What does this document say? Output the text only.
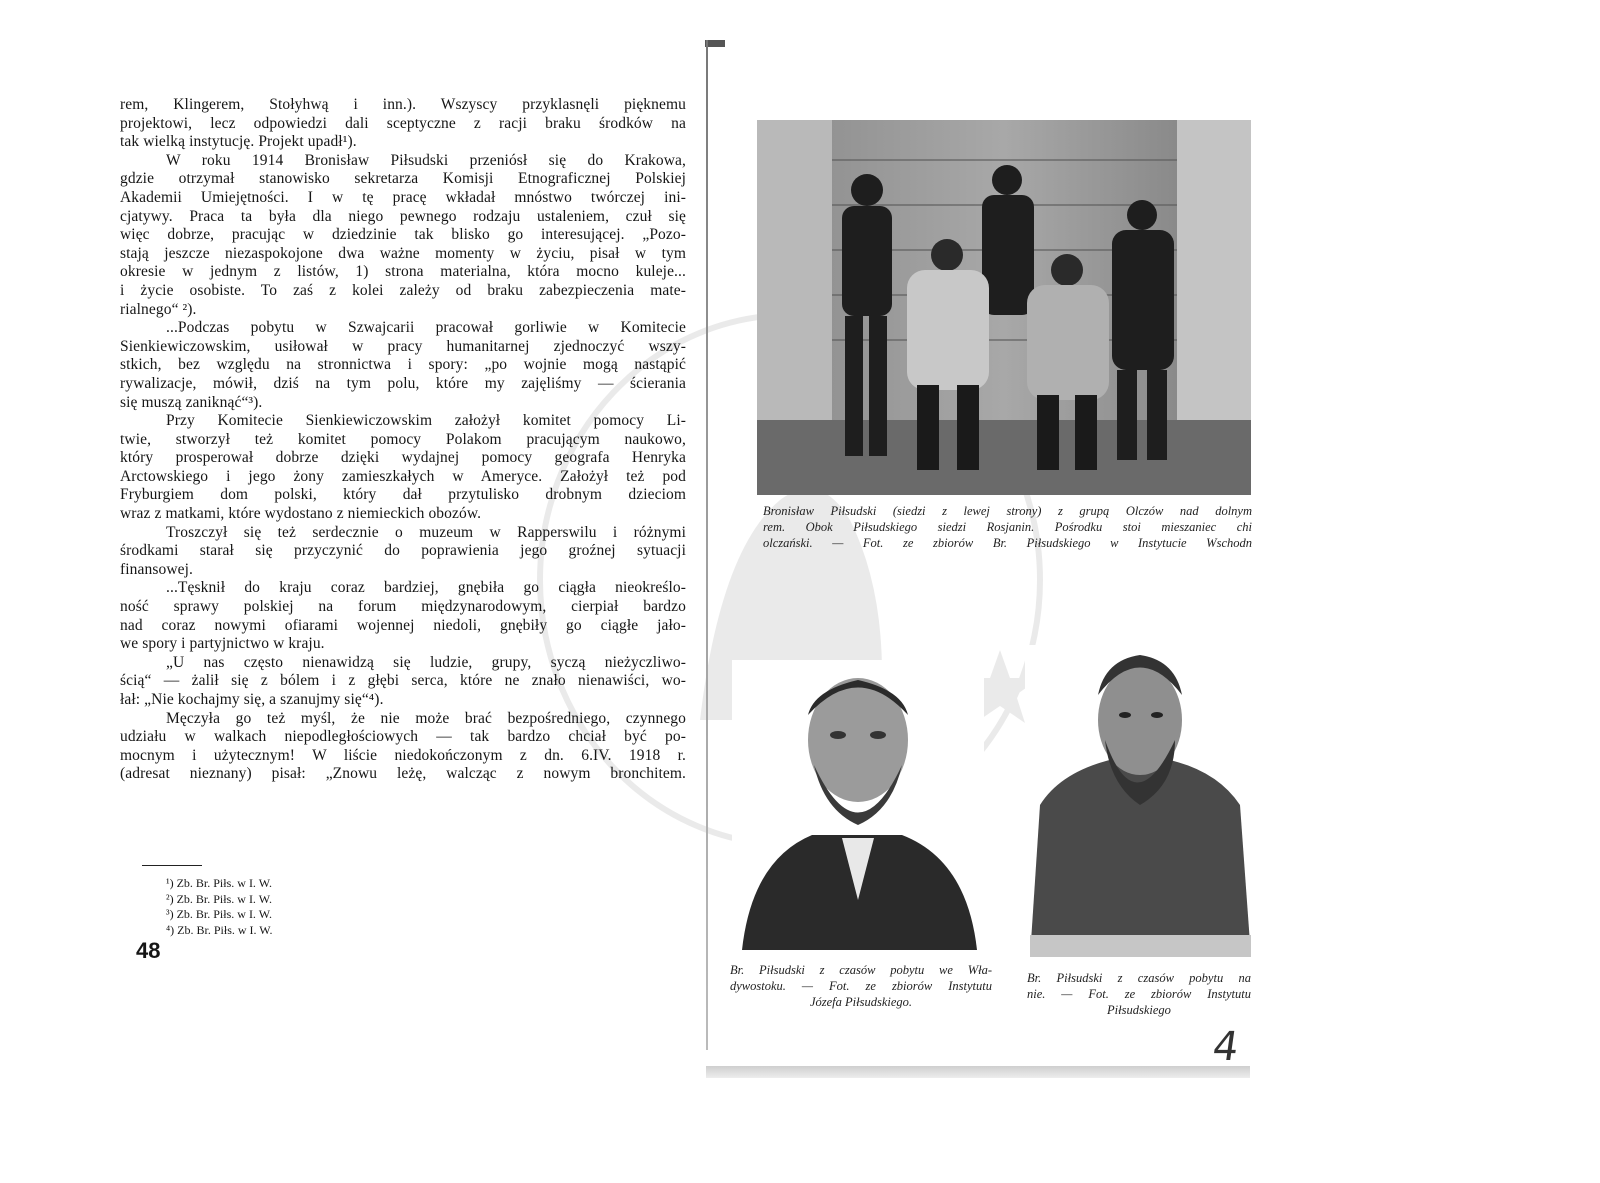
rem, Klingerem, Stołyhwą i inn.). Wszyscy przyklasnęli pięknemu
projektowi, lecz odpowiedzi dali sceptyczne z racji braku środków na
tak wielką instytucję. Projekt upadł¹).
W roku 1914 Bronisław Piłsudski przeniósł się do Krakowa,
gdzie otrzymał stanowisko sekretarza Komisji Etnograficznej Polskiej
Akademii Umiejętności. I w tę pracę wkładał mnóstwo twórczej ini-
cjatywy. Praca ta była dla niego pewnego rodzaju ustaleniem, czuł się
więc dobrze, pracując w dziedzinie tak blisko go interesującej. „Pozo-
stają jeszcze niezaspokojone dwa ważne momenty w życiu, pisał w tym
okresie w jednym z listów, 1) strona materialna, która mocno kuleje...
i życie osobiste. To zaś z kolei zależy od braku zabezpieczenia mate-
rialnego“ ²).
...Podczas pobytu w Szwajcarii pracował gorliwie w Komitecie
Sienkiewiczowskim, usiłował w pracy humanitarnej zjednoczyć wszy-
stkich, bez względu na stronnictwa i spory: „po wojnie mogą nastąpić
rywalizacje, mówił, dziś na tym polu, które my zajęliśmy — ścierania
się muszą zaniknąć“³).
Przy Komitecie Sienkiewiczowskim założył komitet pomocy Li-
twie, stworzył też komitet pomocy Polakom pracującym naukowo,
który prosperował dobrze dzięki wydajnej pomocy geografa Henryka
Arctowskiego i jego żony zamieszkałych w Ameryce. Założył też pod
Fryburgiem dom polski, który dał przytulisko drobnym dzieciom
wraz z matkami, które wydostano z niemieckich obozów.
Troszczył się też serdecznie o muzeum w Rapperswilu i różnymi
środkami starał się przyczynić do poprawienia jego groźnej sytuacji
finansowej.
...Tęsknił do kraju coraz bardziej, gnębiła go ciągła nieokreślo-
ność sprawy polskiej na forum międzynarodowym, cierpiał bardzo
nad coraz nowymi ofiarami wojennej niedoli, gnębiły go ciągłe jało-
we spory i partyjnictwo w kraju.
„U nas często nienawidzą się ludzie, grupy, syczą nieżyczliwo-
ścią“ — żalił się z bólem i z głębi serca, które ne znało nienawiści, wo-
łał: „Nie kochajmy się, a szanujmy się“⁴).
Męczyła go też myśl, że nie może brać bezpośredniego, czynnego
udziału w walkach niepodległościowych — tak bardzo chciał być po-
mocnym i użytecznym! W liście niedokończonym z dn. 6.IV. 1918 r.
(adresat nieznany) pisał: „Znowu leżę, walcząc z nowym bronchitem.
¹) Zb. Br. Piłs. w I. W.
²) Zb. Br. Piłs. w I. W.
³) Zb. Br. Piłs. w I. W.
⁴) Zb. Br. Piłs. w I. W.
48
Bronisław Piłsudski (siedzi z lewej strony) z grupą Olczów nad dolnym
rem. Obok Piłsudskiego siedzi Rosjanin. Pośrodku stoi mieszaniec chi
olczański. — Fot. ze zbiorów Br. Piłsudskiego w Instytucie Wschodn
Br. Piłsudski z czasów pobytu we Wła-
dywostoku. — Fot. ze zbiorów Instytutu
Józefa Piłsudskiego.
Br. Piłsudski z czasów pobytu na
nie. — Fot. ze zbiorów Instytutu
Piłsudskiego
4
